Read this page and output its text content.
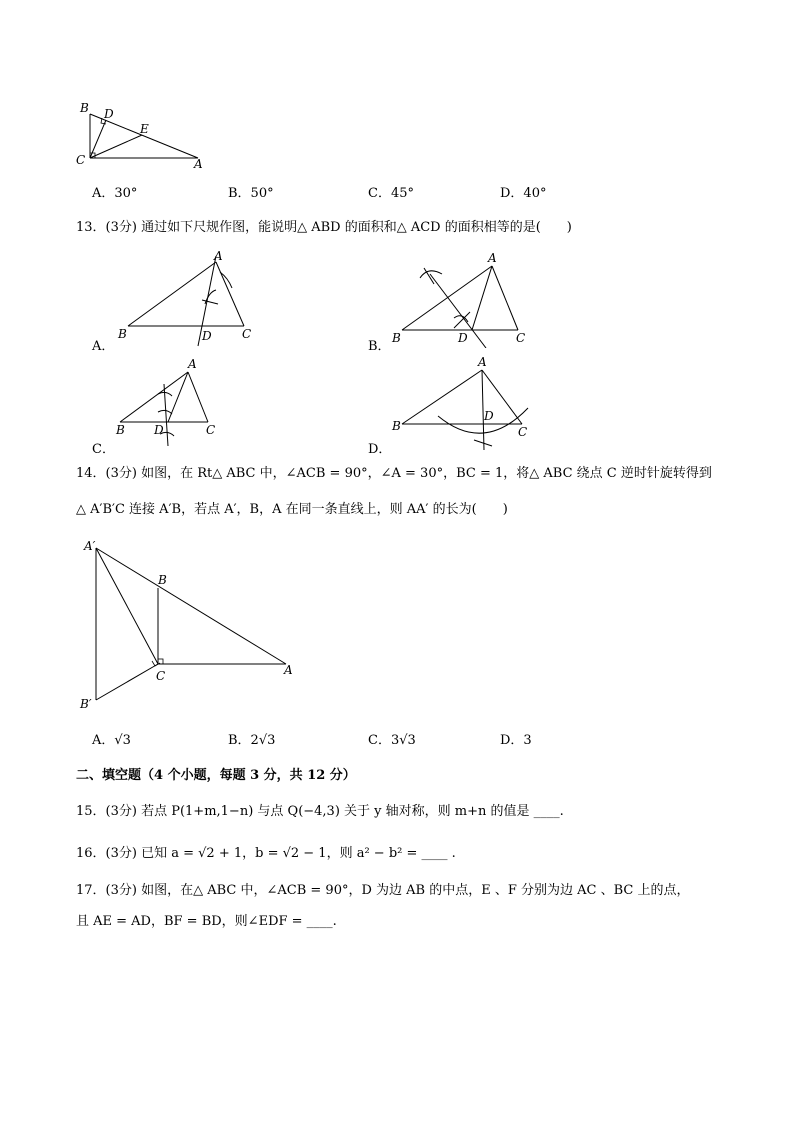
B D
E
C	A
A．30°	B．50°	C．45°	D．40°
13．(3分) 通过如下尺规作图，能说明△ ABD 的面积和△ ACD 的面积相等的是(　　)
A
B	D	C
A．
A
B	D	C
B．
A
B D	C
C．
A
B
D
C
D．
14．(3分) 如图，在 Rt△ ABC 中，∠ACB = 90°，∠A = 30°，BC = 1，将△ ABC 绕点 C 逆时针旋转得到
△ A′B′C 连接 A′B，若点 A′，B，A 在同一条直线上，则 AA′ 的长为(　　)
A′
B
B′
C	A
A．√3	B．2√3	C．3√3	D．3
二、填空题（4 个小题，每题 3 分，共 12 分）
15．(3分) 若点 P(1+m,1−n) 与点 Q(−4,3) 关于 y 轴对称，则 m+n 的值是 ____.
16．(3分) 已知 a = √2 + 1，b = √2 − 1，则 a² − b² = ____ .
17．(3分) 如图，在△ ABC 中，∠ACB = 90°，D 为边 AB 的中点，E 、F 分别为边 AC 、BC 上的点，
且 AE = AD，BF = BD，则∠EDF = ____.
